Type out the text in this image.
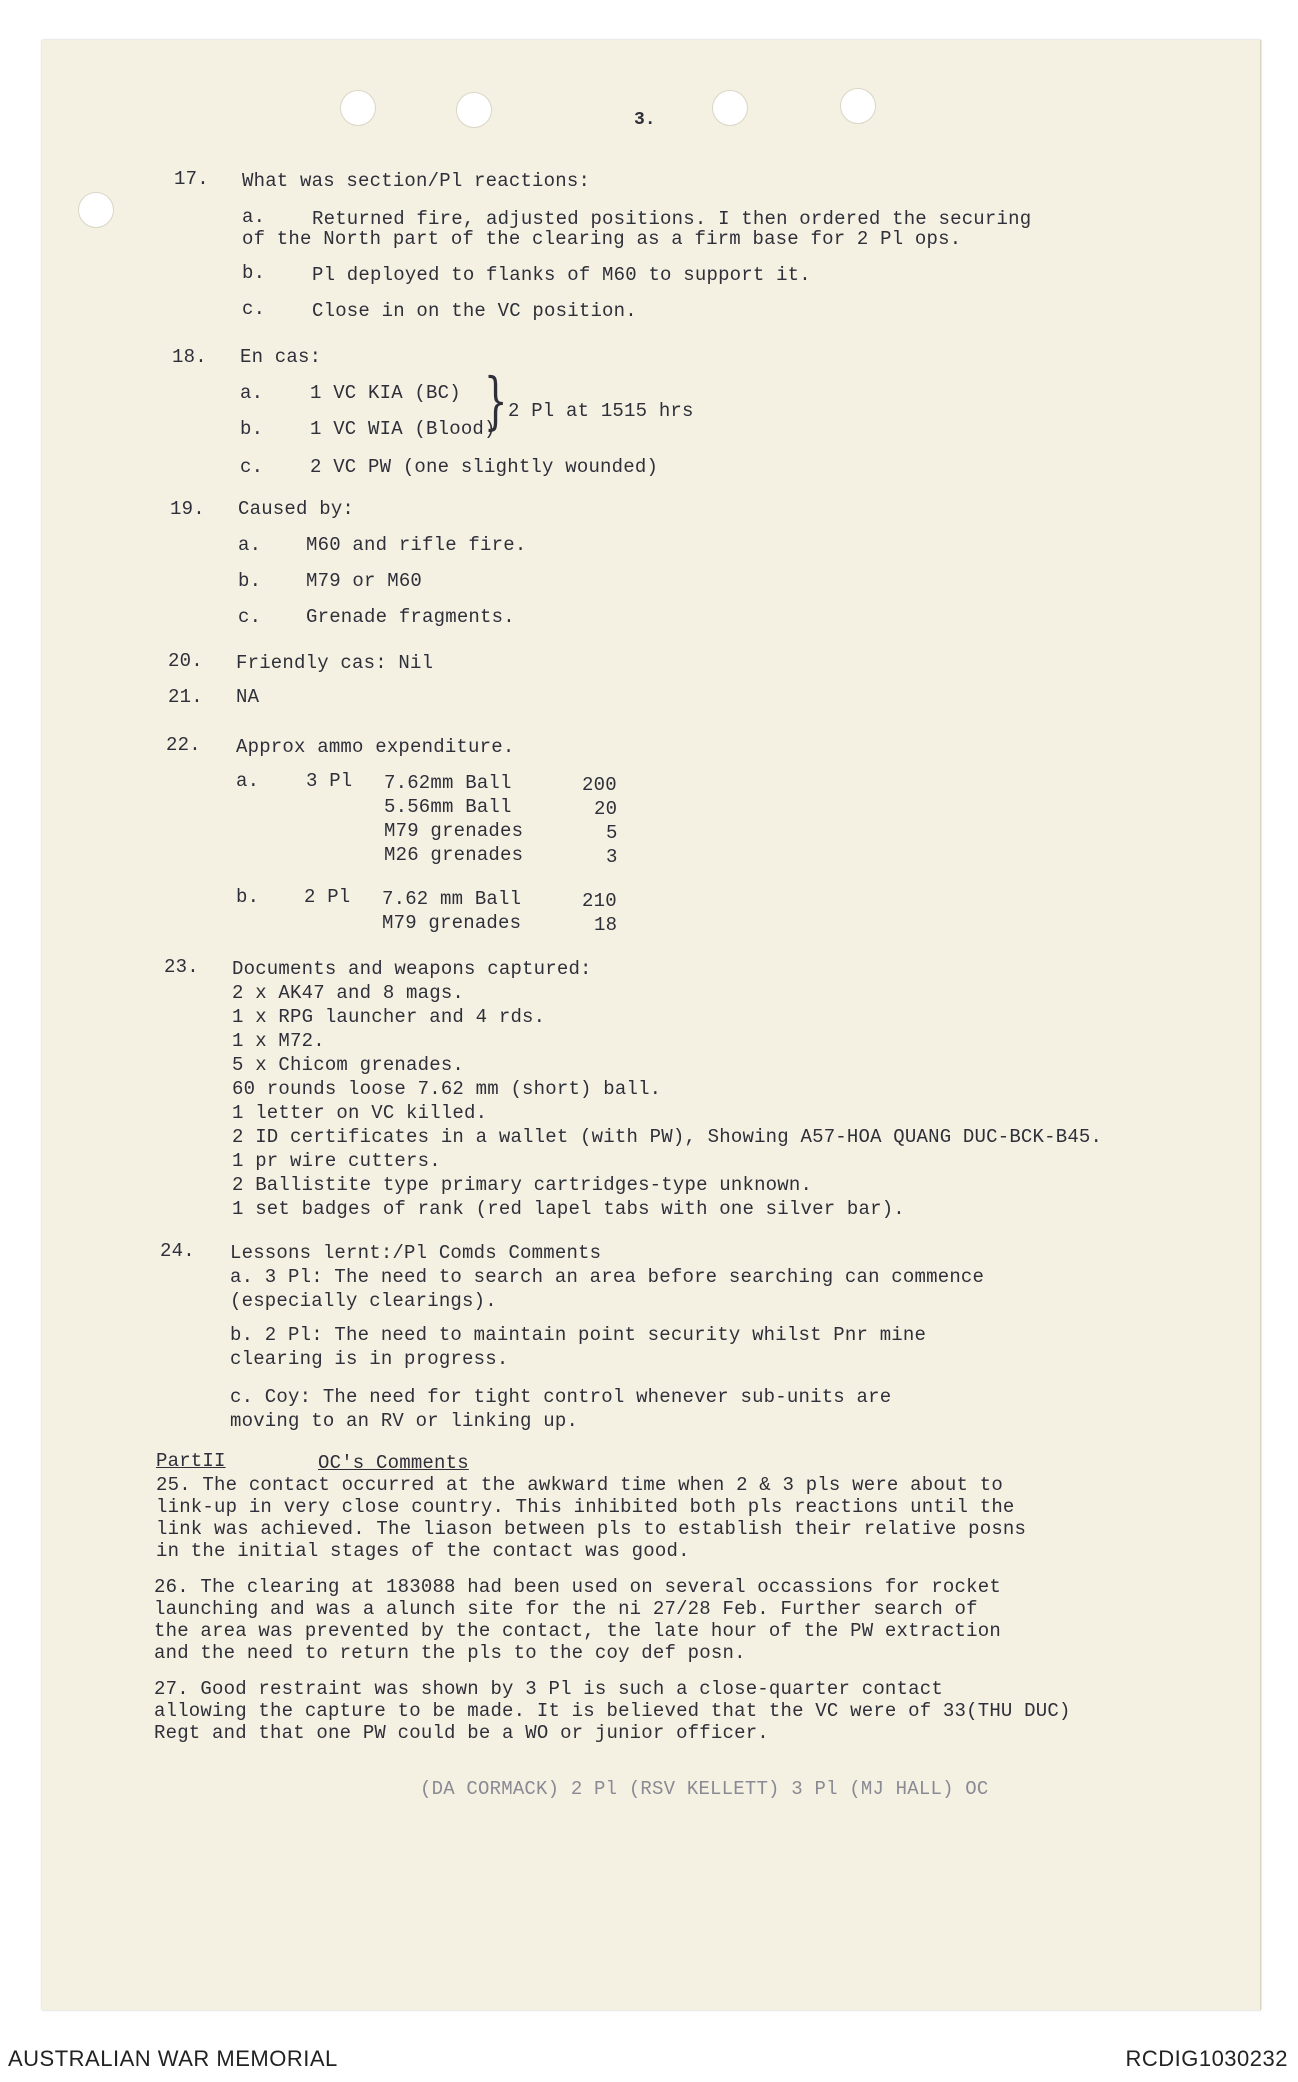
3.
17. What was section/Pl reactions:
a. Returned fire, adjusted positions. I then ordered the securing
of the North part of the clearing as a firm base for 2 Pl ops.
b. Pl deployed to flanks of M60 to support it.
c. Close in on the VC position.
18. En cas:
a. 1 VC KIA (BC)
b. 1 VC WIA (Blood)
} 2 Pl at 1515 hrs
c. 2 VC PW (one slightly wounded)
19. Caused by:
a. M60 and rifle fire.
b. M79 or M60
c. Grenade fragments.
20. Friendly cas: Nil
21. NA
22. Approx ammo expenditure.
a. 3 Pl 7.62mm Ball	200
5.56mm Ball	20
M79 grenades	5
M26 grenades	3
b. 2 Pl 7.62 mm Ball	210
M79 grenades	18
23. Documents and weapons captured:
2 x AK47 and 8 mags.
1 x RPG launcher and 4 rds.
1 x M72.
5 x Chicom grenades.
60 rounds loose 7.62 mm (short) ball.
1 letter on VC killed.
2 ID certificates in a wallet (with PW), Showing A57-HOA QUANG DUC-BCK-B45.
1 pr wire cutters.
2 Ballistite type primary cartridges-type unknown.
1 set badges of rank (red lapel tabs with one silver bar).
24. Lessons lernt:/Pl Comds Comments
a. 3 Pl: The need to search an area before searching can commence
(especially clearings).
b. 2 Pl: The need to maintain point security whilst Pnr mine
clearing is in progress.
c. Coy: The need for tight control whenever sub-units are
moving to an RV or linking up.
PartII	OC's Comments
25. The contact occurred at the awkward time when 2 & 3 pls were about to
link-up in very close country. This inhibited both pls reactions until the
link was achieved. The liason between pls to establish their relative posns
in the initial stages of the contact was good.
26. The clearing at 183088 had been used on several occassions for rocket
launching and was a alunch site for the ni 27/28 Feb. Further search of
the area was prevented by the contact, the late hour of the PW extraction
and the need to return the pls to the coy def posn.
27. Good restraint was shown by 3 Pl is such a close-quarter contact
allowing the capture to be made. It is believed that the VC were of 33(THU DUC)
Regt and that one PW could be a WO or junior officer.
(DA CORMACK) 2 Pl (RSV KELLETT) 3 Pl (MJ HALL) OC
AUSTRALIAN WAR MEMORIAL	RCDIG1030232
